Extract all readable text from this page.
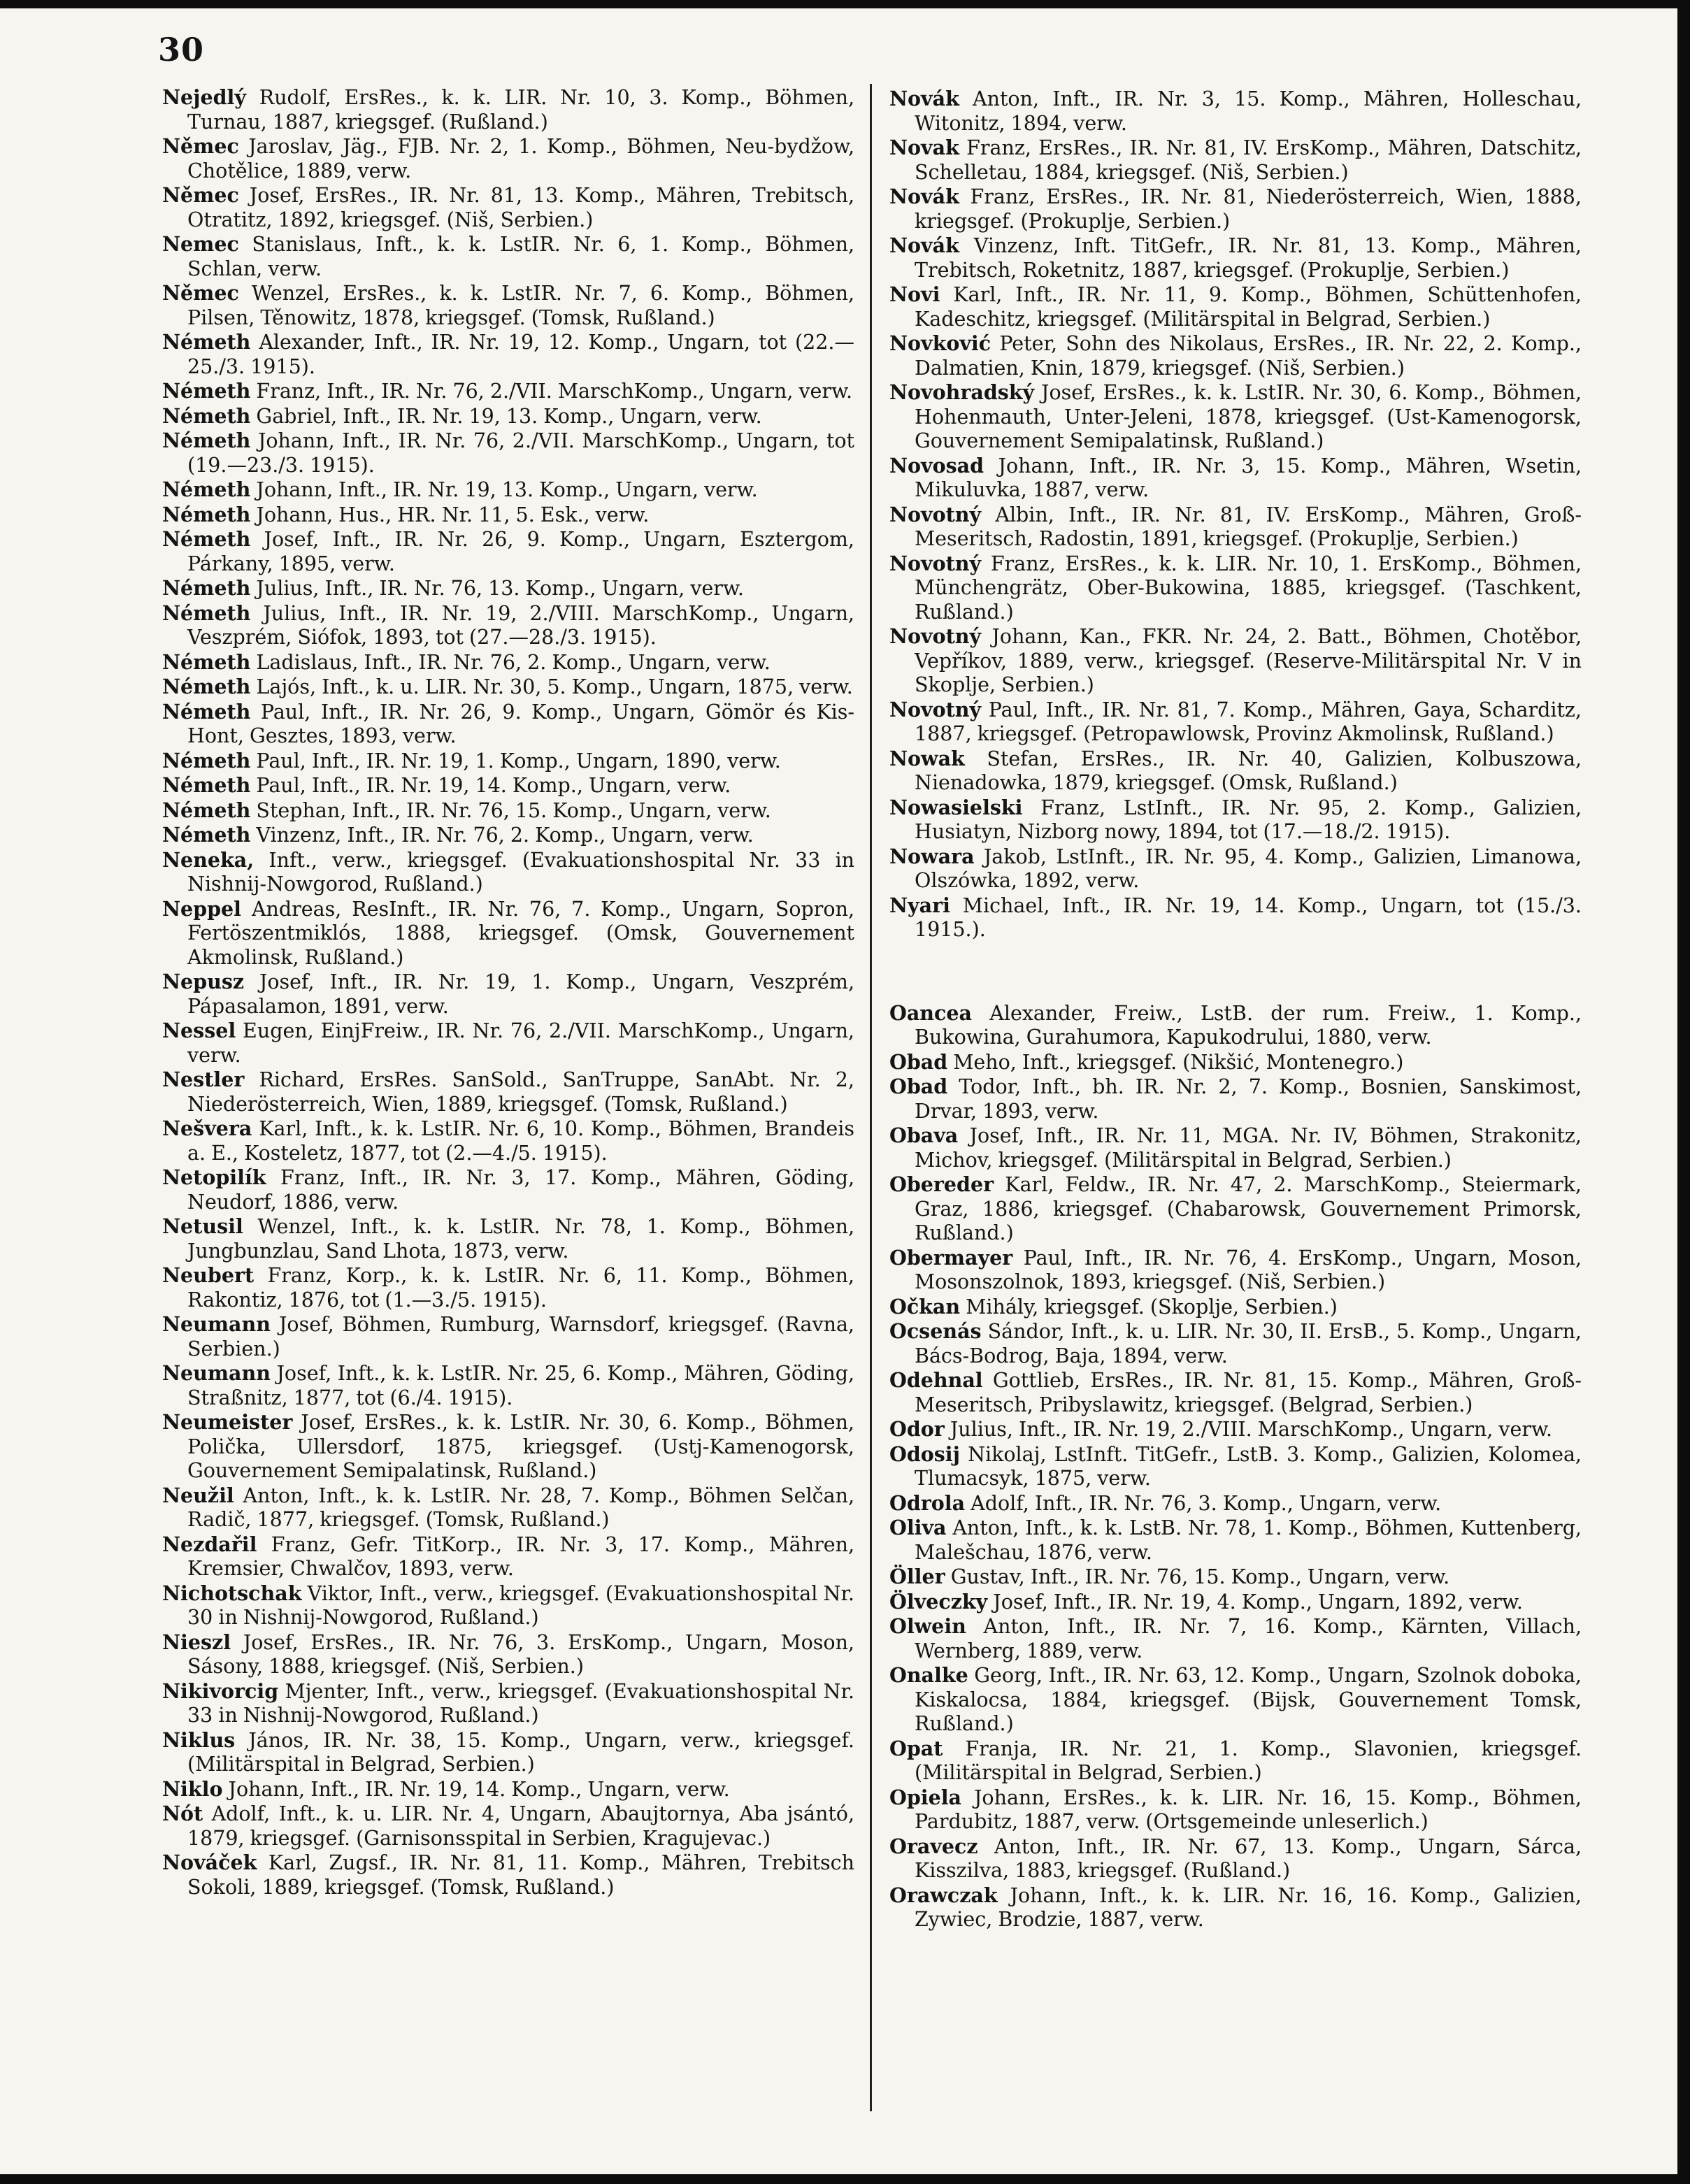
30

Nejedlý Rudolf, ErsRes., k. k. LIR. Nr. 10, 3. Komp., Böhmen, Turnau, 1887, kriegsgef. (Rußland.)

Němec Jaroslav, Jäg., FJB. Nr. 2, 1. Komp., Böhmen, Neu-bydžow, Chotělice, 1889, verw.

Němec Josef, ErsRes., IR. Nr. 81, 13. Komp., Mähren, Trebitsch, Otratitz, 1892, kriegsgef. (Niš, Serbien.)

Nemec Stanislaus, Inft., k. k. LstIR. Nr. 6, 1. Komp., Böhmen, Schlan, verw.

Němec Wenzel, ErsRes., k. k. LstIR. Nr. 7, 6. Komp., Böhmen, Pilsen, Těnowitz, 1878, kriegsgef. (Tomsk, Rußland.)

Németh Alexander, Inft., IR. Nr. 19, 12. Komp., Ungarn, tot (22.—25./3. 1915).

Németh Franz, Inft., IR. Nr. 76, 2./VII. MarschKomp., Ungarn, verw.

Németh Gabriel, Inft., IR. Nr. 19, 13. Komp., Ungarn, verw.

Németh Johann, Inft., IR. Nr. 76, 2./VII. MarschKomp., Ungarn, tot (19.—23./3. 1915).

Németh Johann, Inft., IR. Nr. 19, 13. Komp., Ungarn, verw.

Németh Johann, Hus., HR. Nr. 11, 5. Esk., verw.

Németh Josef, Inft., IR. Nr. 26, 9. Komp., Ungarn, Esztergom, Párkany, 1895, verw.

Németh Julius, Inft., IR. Nr. 76, 13. Komp., Ungarn, verw.

Németh Julius, Inft., IR. Nr. 19, 2./VIII. MarschKomp., Ungarn, Veszprém, Siófok, 1893, tot (27.—28./3. 1915).

Németh Ladislaus, Inft., IR. Nr. 76, 2. Komp., Ungarn, verw.

Németh Lajós, Inft., k. u. LIR. Nr. 30, 5. Komp., Ungarn, 1875, verw.

Németh Paul, Inft., IR. Nr. 26, 9. Komp., Ungarn, Gömör és Kis-Hont, Gesztes, 1893, verw.

Németh Paul, Inft., IR. Nr. 19, 1. Komp., Ungarn, 1890, verw.

Németh Paul, Inft., IR. Nr. 19, 14. Komp., Ungarn, verw.

Németh Stephan, Inft., IR. Nr. 76, 15. Komp., Ungarn, verw.

Németh Vinzenz, Inft., IR. Nr. 76, 2. Komp., Ungarn, verw.

Neneka, Inft., verw., kriegsgef. (Evakuationshospital Nr. 33 in Nishnij-Nowgorod, Rußland.)

Neppel Andreas, ResInft., IR. Nr. 76, 7. Komp., Ungarn, Sopron, Fertöszentmiklós, 1888, kriegsgef. (Omsk, Gouvernement Akmolinsk, Rußland.)

Nepusz Josef, Inft., IR. Nr. 19, 1. Komp., Ungarn, Veszprém, Pápasalamon, 1891, verw.

Nessel Eugen, EinjFreiw., IR. Nr. 76, 2./VII. MarschKomp., Ungarn, verw.

Nestler Richard, ErsRes. SanSold., SanTruppe, SanAbt. Nr. 2, Niederösterreich, Wien, 1889, kriegsgef. (Tomsk, Rußland.)

Nešvera Karl, Inft., k. k. LstIR. Nr. 6, 10. Komp., Böhmen, Brandeis a. E., Kosteletz, 1877, tot (2.—4./5. 1915).

Netopilík Franz, Inft., IR. Nr. 3, 17. Komp., Mähren, Göding, Neudorf, 1886, verw.

Netusil Wenzel, Inft., k. k. LstIR. Nr. 78, 1. Komp., Böhmen, Jungbunzlau, Sand Lhota, 1873, verw.

Neubert Franz, Korp., k. k. LstIR. Nr. 6, 11. Komp., Böhmen, Rakontiz, 1876, tot (1.—3./5. 1915).

Neumann Josef, Böhmen, Rumburg, Warnsdorf, kriegsgef. (Ravna, Serbien.)

Neumann Josef, Inft., k. k. LstIR. Nr. 25, 6. Komp., Mähren, Göding, Straßnitz, 1877, tot (6./4. 1915).

Neumeister Josef, ErsRes., k. k. LstIR. Nr. 30, 6. Komp., Böhmen, Polička, Ullersdorf, 1875, kriegsgef. (Ustj-Kamenogorsk, Gouvernement Semipalatinsk, Rußland.)

Neužil Anton, Inft., k. k. LstIR. Nr. 28, 7. Komp., Böhmen Selčan, Radič, 1877, kriegsgef. (Tomsk, Rußland.)

Nezdařil Franz, Gefr. TitKorp., IR. Nr. 3, 17. Komp., Mähren, Kremsier, Chwalčov, 1893, verw.

Nichotschak Viktor, Inft., verw., kriegsgef. (Evakuationshospital Nr. 30 in Nishnij-Nowgorod, Rußland.)

Nieszl Josef, ErsRes., IR. Nr. 76, 3. ErsKomp., Ungarn, Moson, Sásony, 1888, kriegsgef. (Niš, Serbien.)

Nikivorcig Mjenter, Inft., verw., kriegsgef. (Evakuationshospital Nr. 33 in Nishnij-Nowgorod, Rußland.)

Niklus János, IR. Nr. 38, 15. Komp., Ungarn, verw., kriegsgef. (Militärspital in Belgrad, Serbien.)

Niklo Johann, Inft., IR. Nr. 19, 14. Komp., Ungarn, verw.

Nót Adolf, Inft., k. u. LIR. Nr. 4, Ungarn, Abaujtornya, Aba jsántó, 1879, kriegsgef. (Garnisonsspital in Serbien, Kragujevac.)

Nováček Karl, Zugsf., IR. Nr. 81, 11. Komp., Mähren, Trebitsch Sokoli, 1889, kriegsgef. (Tomsk, Rußland.)

Novák Anton, Inft., IR. Nr. 3, 15. Komp., Mähren, Holleschau, Witonitz, 1894, verw.

Novak Franz, ErsRes., IR. Nr. 81, IV. ErsKomp., Mähren, Datschitz, Schelletau, 1884, kriegsgef. (Niš, Serbien.)

Novák Franz, ErsRes., IR. Nr. 81, Niederösterreich, Wien, 1888, kriegsgef. (Prokuplje, Serbien.)

Novák Vinzenz, Inft. TitGefr., IR. Nr. 81, 13. Komp., Mähren, Trebitsch, Roketnitz, 1887, kriegsgef. (Prokuplje, Serbien.)

Novi Karl, Inft., IR. Nr. 11, 9. Komp., Böhmen, Schüttenhofen, Kadeschitz, kriegsgef. (Militärspital in Belgrad, Serbien.)

Novković Peter, Sohn des Nikolaus, ErsRes., IR. Nr. 22, 2. Komp., Dalmatien, Knin, 1879, kriegsgef. (Niš, Serbien.)

Novohradský Josef, ErsRes., k. k. LstIR. Nr. 30, 6. Komp., Böhmen, Hohenmauth, Unter-Jeleni, 1878, kriegsgef. (Ust-Kamenogorsk, Gouvernement Semipalatinsk, Rußland.)

Novosad Johann, Inft., IR. Nr. 3, 15. Komp., Mähren, Wsetin, Mikuluvka, 1887, verw.

Novotný Albin, Inft., IR. Nr. 81, IV. ErsKomp., Mähren, Groß-Meseritsch, Radostin, 1891, kriegsgef. (Prokuplje, Serbien.)

Novotný Franz, ErsRes., k. k. LIR. Nr. 10, 1. ErsKomp., Böhmen, Münchengrätz, Ober-Bukowina, 1885, kriegsgef. (Taschkent, Rußland.)

Novotný Johann, Kan., FKR. Nr. 24, 2. Batt., Böhmen, Chotěbor, Vepříkov, 1889, verw., kriegsgef. (Reserve-Militärspital Nr. V in Skoplje, Serbien.)

Novotný Paul, Inft., IR. Nr. 81, 7. Komp., Mähren, Gaya, Scharditz, 1887, kriegsgef. (Petropawlowsk, Provinz Akmolinsk, Rußland.)

Nowak Stefan, ErsRes., IR. Nr. 40, Galizien, Kolbuszowa, Nienadowka, 1879, kriegsgef. (Omsk, Rußland.)

Nowasielski Franz, LstInft., IR. Nr. 95, 2. Komp., Galizien, Husiatyn, Nizborg nowy, 1894, tot (17.—18./2. 1915).

Nowara Jakob, LstInft., IR. Nr. 95, 4. Komp., Galizien, Limanowa, Olszówka, 1892, verw.

Nyari Michael, Inft., IR. Nr. 19, 14. Komp., Ungarn, tot (15./3. 1915.).

Oancea Alexander, Freiw., LstB. der rum. Freiw., 1. Komp., Bukowina, Gurahumora, Kapukodrului, 1880, verw.

Obad Meho, Inft., kriegsgef. (Nikšić, Montenegro.)

Obad Todor, Inft., bh. IR. Nr. 2, 7. Komp., Bosnien, Sanskimost, Drvar, 1893, verw.

Obava Josef, Inft., IR. Nr. 11, MGA. Nr. IV, Böhmen, Strakonitz, Michov, kriegsgef. (Militärspital in Belgrad, Serbien.)

Obereder Karl, Feldw., IR. Nr. 47, 2. MarschKomp., Steiermark, Graz, 1886, kriegsgef. (Chabarowsk, Gouvernement Primorsk, Rußland.)

Obermayer Paul, Inft., IR. Nr. 76, 4. ErsKomp., Ungarn, Moson, Mosonszolnok, 1893, kriegsgef. (Niš, Serbien.)

Očkan Mihály, kriegsgef. (Skoplje, Serbien.)

Ocsenás Sándor, Inft., k. u. LIR. Nr. 30, II. ErsB., 5. Komp., Ungarn, Bács-Bodrog, Baja, 1894, verw.

Odehnal Gottlieb, ErsRes., IR. Nr. 81, 15. Komp., Mähren, Groß-Meseritsch, Pribyslawitz, kriegsgef. (Belgrad, Serbien.)

Odor Julius, Inft., IR. Nr. 19, 2./VIII. MarschKomp., Ungarn, verw.

Odosij Nikolaj, LstInft. TitGefr., LstB. 3. Komp., Galizien, Kolomea, Tlumacsyk, 1875, verw.

Odrola Adolf, Inft., IR. Nr. 76, 3. Komp., Ungarn, verw.

Oliva Anton, Inft., k. k. LstB. Nr. 78, 1. Komp., Böhmen, Kuttenberg, Malešchau, 1876, verw.

Öller Gustav, Inft., IR. Nr. 76, 15. Komp., Ungarn, verw.

Ölveczky Josef, Inft., IR. Nr. 19, 4. Komp., Ungarn, 1892, verw.

Olwein Anton, Inft., IR. Nr. 7, 16. Komp., Kärnten, Villach, Wernberg, 1889, verw.

Onalke Georg, Inft., IR. Nr. 63, 12. Komp., Ungarn, Szolnok doboka, Kiskalocsa, 1884, kriegsgef. (Bijsk, Gouvernement Tomsk, Rußland.)

Opat Franja, IR. Nr. 21, 1. Komp., Slavonien, kriegsgef. (Militärspital in Belgrad, Serbien.)

Opiela Johann, ErsRes., k. k. LIR. Nr. 16, 15. Komp., Böhmen, Pardubitz, 1887, verw. (Ortsgemeinde unleserlich.)

Oravecz Anton, Inft., IR. Nr. 67, 13. Komp., Ungarn, Sárca, Kisszilva, 1883, kriegsgef. (Rußland.)

Orawczak Johann, Inft., k. k. LIR. Nr. 16, 16. Komp., Galizien, Zywiec, Brodzie, 1887, verw.
